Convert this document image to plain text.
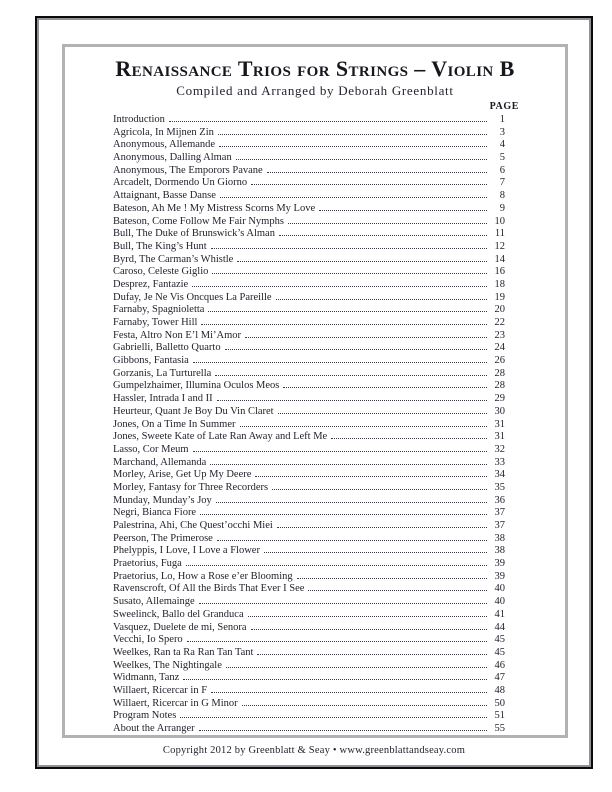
Renaissance Trios for Strings – Violin B
Compiled and Arranged by Deborah Greenblatt
PAGE
Introduction	1
Agricola, In Mijnen Zin	3
Anonymous, Allemande	4
Anonymous, Dalling Alman	5
Anonymous, The Emporors Pavane	6
Arcadelt, Dormendo Un Giorno	7
Attaignant, Basse Danse	8
Bateson, Ah Me ! My Mistress Scorns My Love	9
Bateson, Come Follow Me Fair Nymphs	10
Bull, The Duke of Brunswick’s Alman	11
Bull, The King’s Hunt	12
Byrd, The Carman’s Whistle	14
Caroso, Celeste Giglio	16
Desprez, Fantazie	18
Dufay, Je Ne Vis Oncques La Pareille	19
Farnaby, Spagnioletta	20
Farnaby, Tower Hill	22
Festa, Altro Non E’l Mi’Amor	23
Gabrielli, Balletto Quarto	24
Gibbons, Fantasia	26
Gorzanis, La Turturella	28
Gumpelzhaimer, Illumina Oculos Meos	28
Hassler, Intrada I and II	29
Heurteur, Quant Je Boy Du Vin Claret	30
Jones, On a Time In Summer	31
Jones, Sweete Kate of Late Ran Away and Left Me	31
Lasso, Cor Meum	32
Marchand, Allemanda	33
Morley, Arise, Get Up My Deere	34
Morley, Fantasy for Three Recorders	35
Munday, Munday’s Joy	36
Negri, Bianca Fiore	37
Palestrina, Ahi, Che Quest’occhi Miei	37
Peerson, The Primerose	38
Phelyppis, I Love, I Love a Flower	38
Praetorius, Fuga	39
Praetorius, Lo, How a Rose e’er Blooming	39
Ravenscroft, Of All the Birds That Ever I See	40
Susato, Allemainge	40
Sweelinck, Ballo del Granduca	41
Vasquez, Duelete de mi, Senora	44
Vecchi, Io Spero	45
Weelkes, Ran ta Ra Ran Tan Tant	45
Weelkes, The Nightingale	46
Widmann, Tanz	47
Willaert, Ricercar in F	48
Willaert, Ricercar in G Minor	50
Program Notes	51
About the Arranger	55
Copyright 2012 by Greenblatt & Seay • www.greenblattandseay.com
